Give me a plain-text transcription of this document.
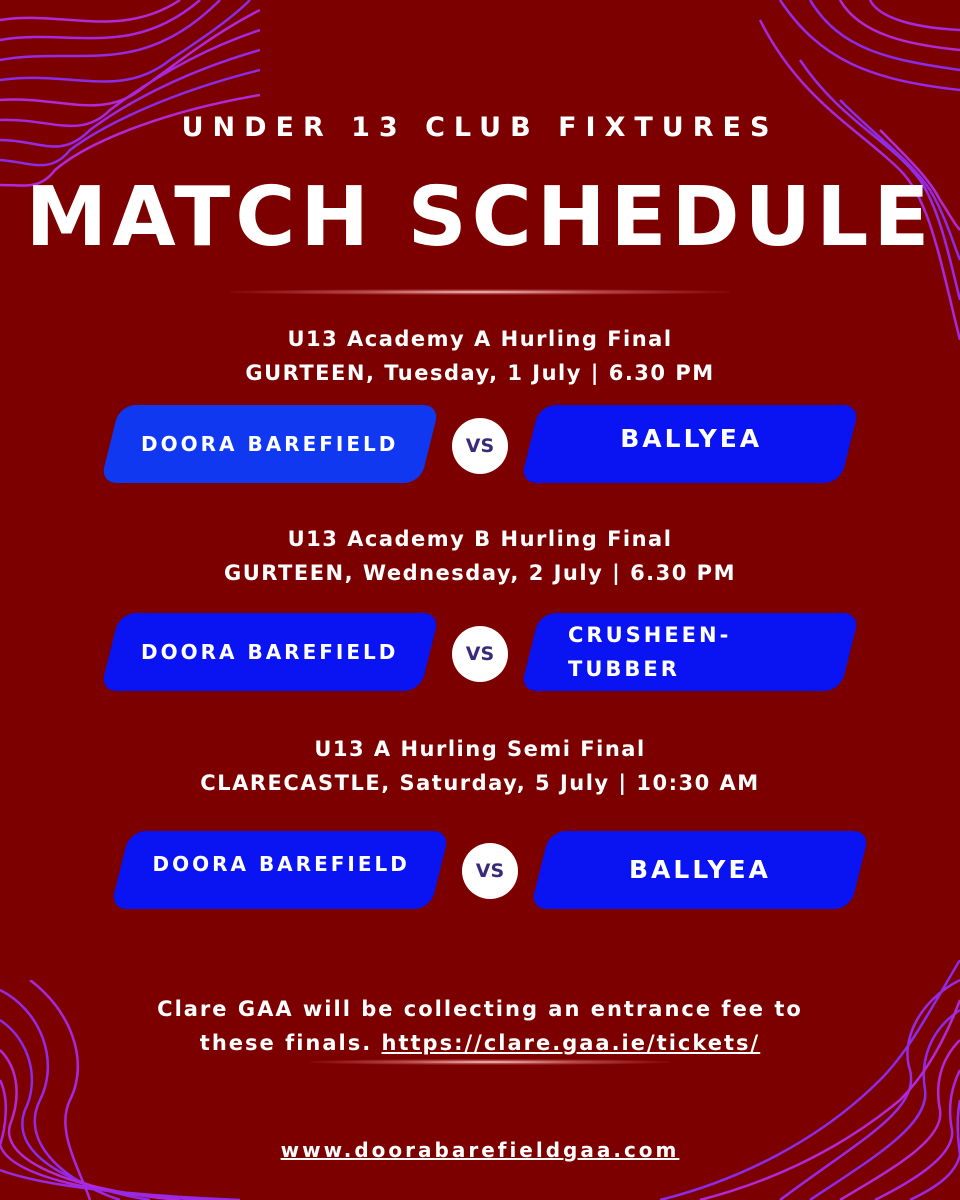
UNDER 13 CLUB FIXTURES
MATCH SCHEDULE
U13 Academy A Hurling Final
GURTEEN, Tuesday, 1 July | 6.30 PM
DOORA BAREFIELD	VS	BALLYEA
U13 Academy B Hurling Final
GURTEEN, Wednesday, 2 July | 6.30 PM
DOORA BAREFIELD	VS
CRUSHEEN-
TUBBER
U13 A Hurling Semi Final
CLARECASTLE, Saturday, 5 July | 10:30 AM
DOORA BAREFIELD	VS	BALLYEA
Clare GAA will be collecting an entrance fee to
these finals. https://clare.gaa.ie/tickets/
www.doorabarefieldgaa.com
